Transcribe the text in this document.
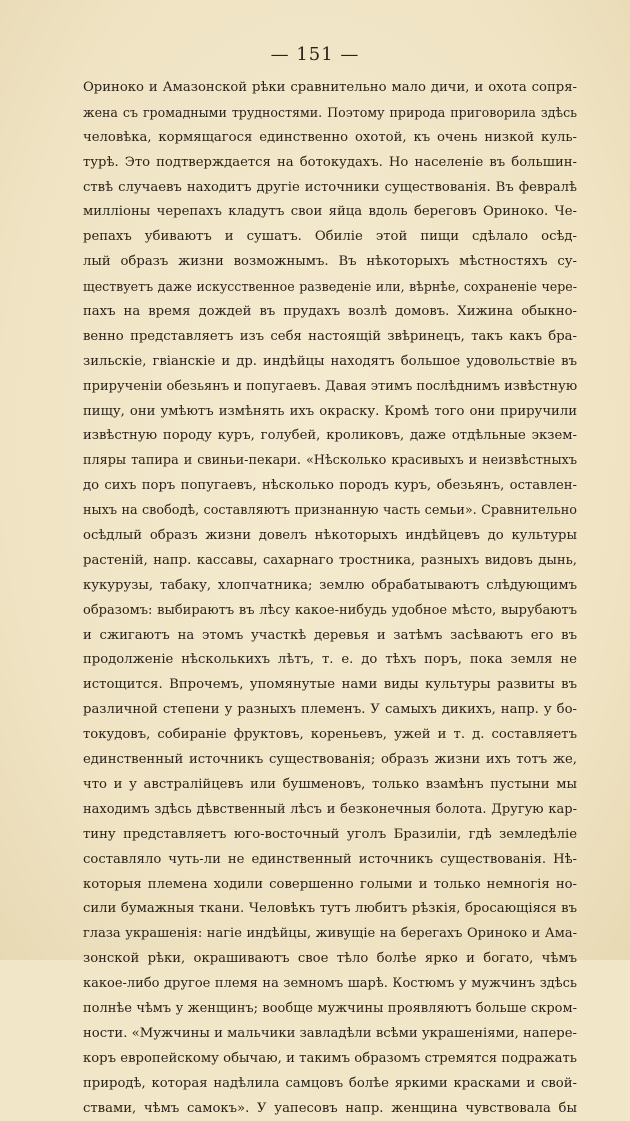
— 151 —
Ориноко и Амазонской рѣки сравнительно мало дичи, и охота сопря-
жена съ громадными трудностями. Поэтому природа приговорила здѣсь
человѣка, кормящагося единственно охотой, къ очень низкой куль-
турѣ. Это подтверждается на ботокудахъ. Но населеніе въ большин-
ствѣ случаевъ находитъ другіе источники существованія. Въ февралѣ
милліоны черепахъ кладутъ свои яйца вдоль береговъ Ориноко. Че-
репахъ убиваютъ и сушатъ. Обиліе этой пищи сдѣлало осѣд-
лый образъ жизни возможнымъ. Въ нѣкоторыхъ мѣстностяхъ су-
ществуетъ даже искусственное разведеніе или, вѣрнѣе, сохраненіе чере-
пахъ на время дождей въ прудахъ возлѣ домовъ. Хижина обыкно-
венно представляетъ изъ себя настоящій звѣринецъ, такъ какъ бра-
зильскіе, гвіанскіе и др. индѣйцы находятъ большое удовольствіе въ
прирученіи обезьянъ и попугаевъ. Давая этимъ послѣднимъ извѣстную
пищу, они умѣютъ измѣнять ихъ окраску. Кромѣ того они приручили
извѣстную породу куръ, голубей, кроликовъ, даже отдѣльные экзем-
пляры тапира и свиньи-пекари. «Нѣсколько красивыхъ и неизвѣстныхъ
до сихъ поръ попугаевъ, нѣсколько породъ куръ, обезьянъ, оставлен-
ныхъ на свободѣ, составляютъ признанную часть семьи». Сравнительно
осѣдлый образъ жизни довелъ нѣкоторыхъ индѣйцевъ до культуры
растеній, напр. кассавы, сахарнаго тростника, разныхъ видовъ дынь,
кукурузы, табаку, хлопчатника; землю обрабатываютъ слѣдующимъ
образомъ: выбираютъ въ лѣсу какое-нибудь удобное мѣсто, вырубаютъ
и сжигаютъ на этомъ участкѣ деревья и затѣмъ засѣваютъ его въ
продолженіе нѣсколькихъ лѣтъ, т. е. до тѣхъ поръ, пока земля не
истощится. Впрочемъ, упомянутые нами виды культуры развиты въ
различной степени у разныхъ племенъ. У самыхъ дикихъ, напр. у бо-
токудовъ, собираніе фруктовъ, кореньевъ, ужей и т. д. составляетъ
единственный источникъ существованія; образъ жизни ихъ тотъ же,
что и у австралійцевъ или бушменовъ, только взамѣнъ пустыни мы
находимъ здѣсь дѣвственный лѣсъ и безконечныя болота. Другую кар-
тину представляетъ юго-восточный уголъ Бразиліи, гдѣ земледѣліе
составляло чуть-ли не единственный источникъ существованія. Нѣ-
которыя племена ходили совершенно голыми и только немногія но-
сили бумажныя ткани. Человѣкъ тутъ любитъ рѣзкія, бросающіяся въ
глаза украшенія: нагіе индѣйцы, живущіе на берегахъ Ориноко и Ама-
зонской рѣки, окрашиваютъ свое тѣло болѣе ярко и богато, чѣмъ
какое-либо другое племя на земномъ шарѣ. Костюмъ у мужчинъ здѣсь
полнѣе чѣмъ у женщинъ; вообще мужчины проявляютъ больше скром-
ности. «Мужчины и мальчики завладѣли всѣми украшеніями, напере-
коръ европейскому обычаю, и такимъ образомъ стремятся подражать
природѣ, которая надѣлила самцовъ болѣе яркими красками и свой-
ствами, чѣмъ самокъ». У уапесовъ напр. женщина чувствовала бы
